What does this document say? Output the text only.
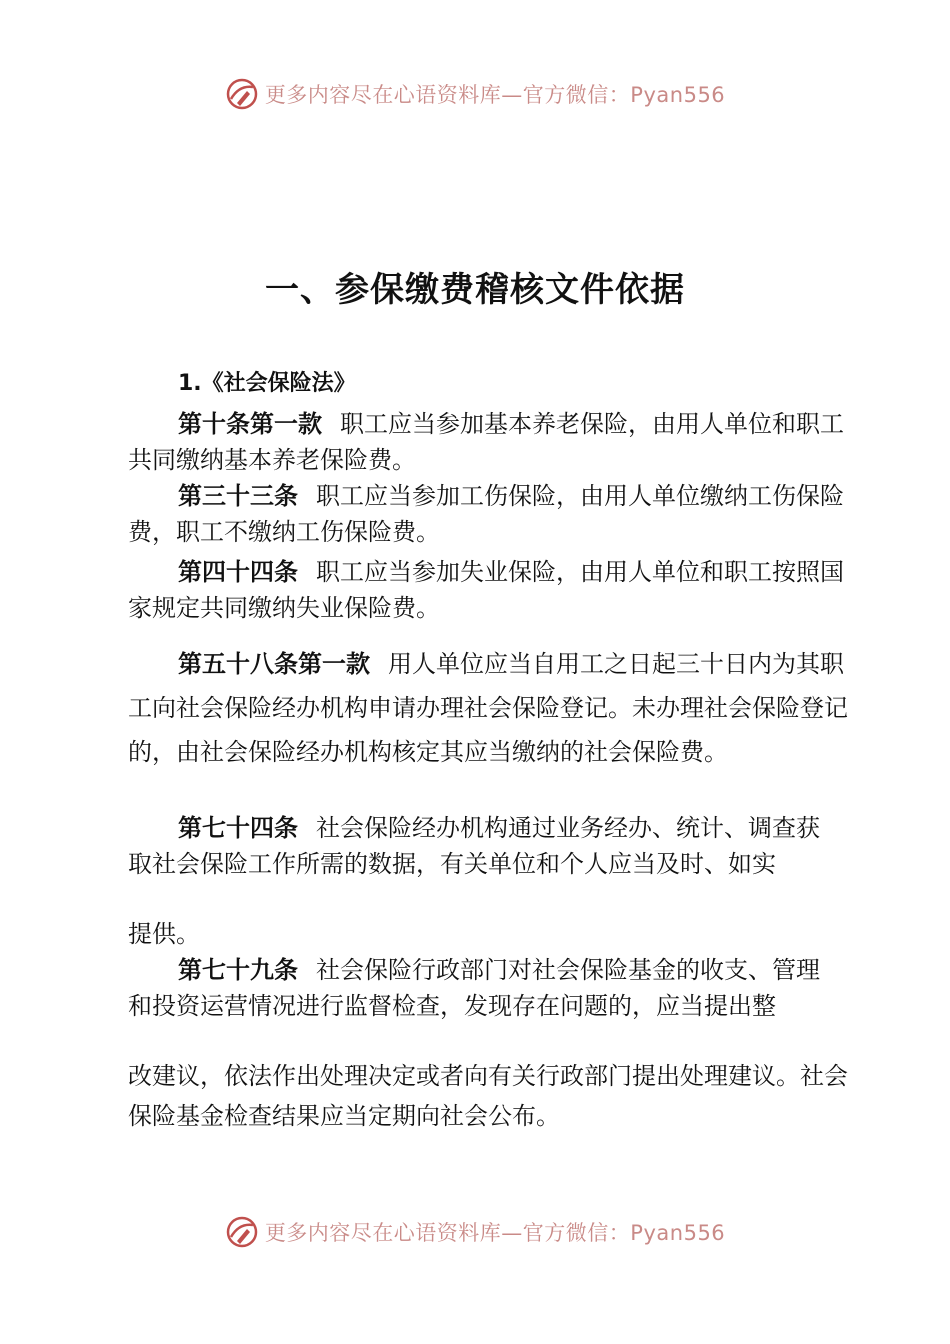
更多内容尽在心语资料库—官方微信：Pyan556
一、参保缴费稽核文件依据
1.《社会保险法》
第十条第一款 职工应当参加基本养老保险，由用人单位和职工共同缴纳基本养老保险费。
第三十三条 职工应当参加工伤保险，由用人单位缴纳工伤保险费，职工不缴纳工伤保险费。
第四十四条 职工应当参加失业保险，由用人单位和职工按照国家规定共同缴纳失业保险费。
第五十八条第一款 用人单位应当自用工之日起三十日内为其职工向社会保险经办机构申请办理社会保险登记。未办理社会保险登记的，由社会保险经办机构核定其应当缴纳的社会保险费。
第七十四条 社会保险经办机构通过业务经办、统计、调查获取社会保险工作所需的数据，有关单位和个人应当及时、如实
提供。
第七十九条 社会保险行政部门对社会保险基金的收支、管理和投资运营情况进行监督检查，发现存在问题的，应当提出整
改建议，依法作出处理决定或者向有关行政部门提出处理建议。社会保险基金检查结果应当定期向社会公布。
更多内容尽在心语资料库—官方微信：Pyan556
